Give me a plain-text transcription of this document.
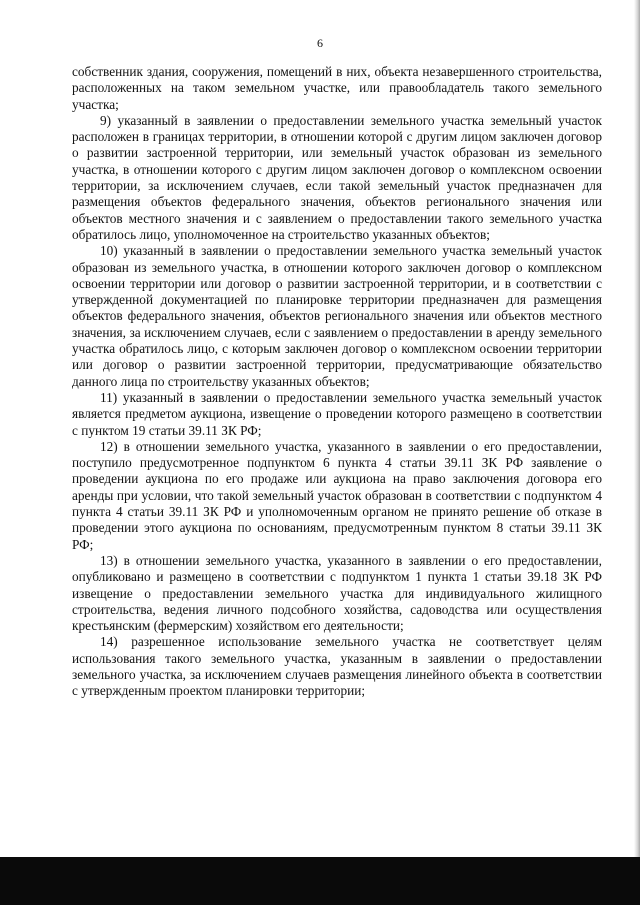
6

собственник здания, сооружения, помещений в них, объекта незавершенного строительства, расположенных на таком земельном участке, или правообладатель такого земельного участка;

9) указанный в заявлении о предоставлении земельного участка земельный участок расположен в границах территории, в отношении которой с другим лицом заключен договор о развитии застроенной территории, или земельный участок образован из земельного участка, в отношении которого с другим лицом заключен договор о комплексном освоении территории, за исключением случаев, если такой земельный участок предназначен для размещения объектов федерального значения, объектов регионального значения или объектов местного значения и с заявлением о предоставлении такого земельного участка обратилось лицо, уполномоченное на строительство указанных объектов;

10) указанный в заявлении о предоставлении земельного участка земельный участок образован из земельного участка, в отношении которого заключен договор о комплексном освоении территории или договор о развитии застроенной территории, и в соответствии с утвержденной документацией по планировке территории предназначен для размещения объектов федерального значения, объектов регионального значения или объектов местного значения, за исключением случаев, если с заявлением о предоставлении в аренду земельного участка обратилось лицо, с которым заключен договор о комплексном освоении территории или договор о развитии застроенной территории, предусматривающие обязательство данного лица по строительству указанных объектов;

11) указанный в заявлении о предоставлении земельного участка земельный участок является предметом аукциона, извещение о проведении которого размещено в соответствии с пунктом 19 статьи 39.11 ЗК РФ;

12) в отношении земельного участка, указанного в заявлении о его предоставлении, поступило предусмотренное подпунктом 6 пункта 4 статьи 39.11 ЗК РФ заявление о проведении аукциона по его продаже или аукциона на право заключения договора его аренды при условии, что такой земельный участок образован в соответствии с подпунктом 4 пункта 4 статьи 39.11 ЗК РФ и уполномоченным органом не принято решение об отказе в проведении этого аукциона по основаниям, предусмотренным пунктом 8 статьи 39.11 ЗК РФ;

13) в отношении земельного участка, указанного в заявлении о его предоставлении, опубликовано и размещено в соответствии с подпунктом 1 пункта 1 статьи 39.18 ЗК РФ извещение о предоставлении земельного участка для индивидуального жилищного строительства, ведения личного подсобного хозяйства, садоводства или осуществления крестьянским (фермерским) хозяйством его деятельности;

14) разрешенное использование земельного участка не соответствует целям использования такого земельного участка, указанным в заявлении о предоставлении земельного участка, за исключением случаев размещения линейного объекта в соответствии с утвержденным проектом планировки территории;
